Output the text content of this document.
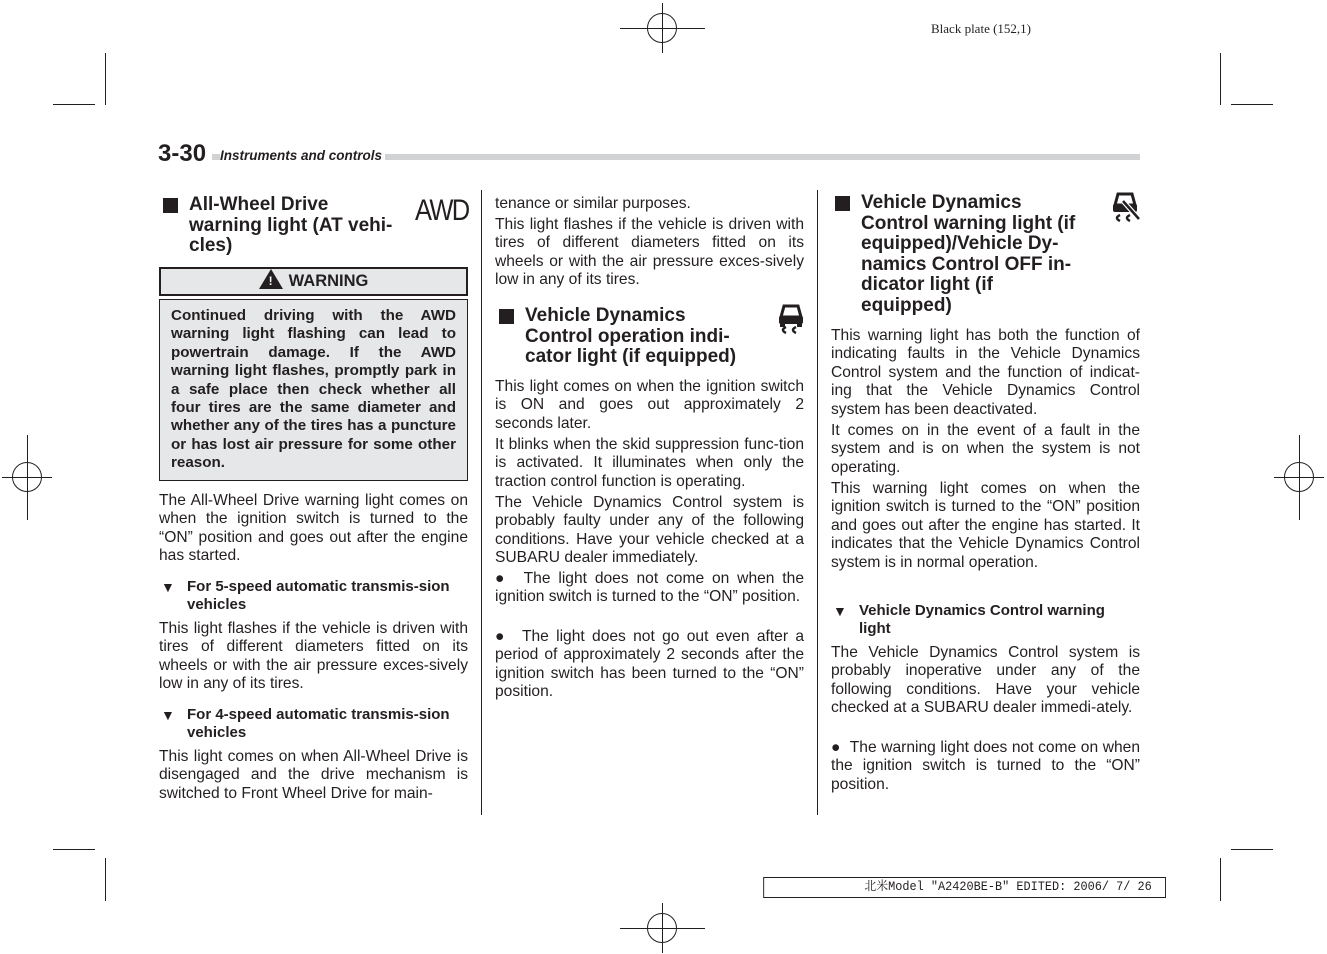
Black plate (152,1)
3-30	Instruments and controls
All-Wheel Drive
warning light (AT vehi-
cles)
AWD
! WARNING
Continued driving with the AWD warning light flashing can lead to powertrain damage. If the AWD warning light flashes, promptly park in a safe place then check whether all four tires are the same diameter and whether any of the tires has a puncture or has lost air pressure for some other reason.
The All-Wheel Drive warning light comes on when the ignition switch is turned to the “ON” position and goes out after the engine has started.
▼ For 5-speed automatic transmis-sion vehicles
This light flashes if the vehicle is driven with tires of different diameters fitted on its wheels or with the air pressure exces-sively low in any of its tires.
▼ For 4-speed automatic transmis-sion vehicles
This light comes on when All-Wheel Drive is disengaged and the drive mechanism is switched to Front Wheel Drive for main-
tenance or similar purposes.
This light flashes if the vehicle is driven with tires of different diameters fitted on its wheels or with the air pressure exces-sively low in any of its tires.
Vehicle Dynamics
Control operation indi-
cator light (if equipped)
This light comes on when the ignition switch is ON and goes out approximately 2 seconds later.
It blinks when the skid suppression func-tion is activated. It illuminates when only the traction control function is operating.
The Vehicle Dynamics Control system is probably faulty under any of the following conditions. Have your vehicle checked at a SUBARU dealer immediately.
●  The light does not come on when the ignition switch is turned to the “ON” position.
●  The light does not go out even after a period of approximately 2 seconds after the ignition switch has been turned to the “ON” position.
Vehicle Dynamics
Control warning light (if
equipped)/Vehicle Dy-
namics Control OFF in-
dicator light (if
equipped)
This warning light has both the function of indicating faults in the Vehicle Dynamics Control system and the function of indicat-ing that the Vehicle Dynamics Control system has been deactivated.
It comes on in the event of a fault in the system and is on when the system is not operating.
This warning light comes on when the ignition switch is turned to the “ON” position and goes out after the engine has started. It indicates that the Vehicle Dynamics Control system is in normal operation.
▼ Vehicle Dynamics Control warning light
The Vehicle Dynamics Control system is probably inoperative under any of the following conditions. Have your vehicle checked at a SUBARU dealer immedi-ately.
●  The warning light does not come on when the ignition switch is turned to the “ON” position.
北米Model "A2420BE-B" EDITED: 2006/ 7/ 26
